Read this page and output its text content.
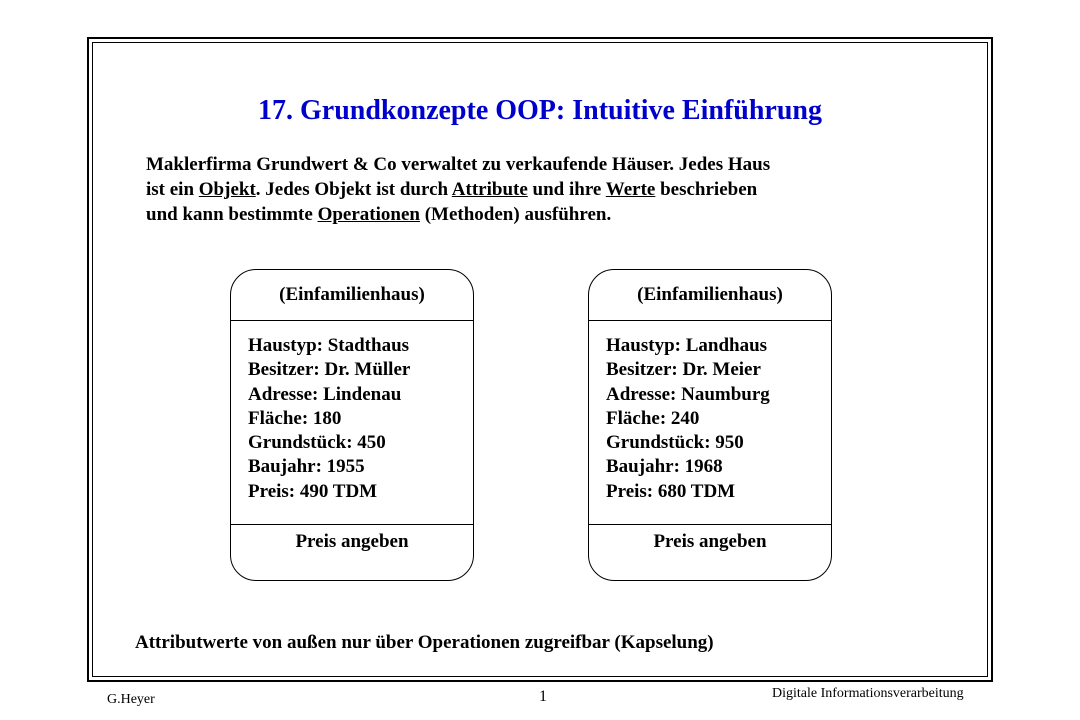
17. Grundkonzepte OOP: Intuitive Einführung
Maklerfirma Grundwert & Co verwaltet zu verkaufende Häuser. Jedes Haus
ist ein Objekt. Jedes Objekt ist durch Attribute und ihre Werte beschrieben
und kann bestimmte Operationen (Methoden) ausführen.
(Einfamilienhaus)
Haustyp: Stadthaus
Besitzer: Dr. Müller
Adresse: Lindenau
Fläche: 180
Grundstück: 450
Baujahr: 1955
Preis: 490 TDM
Preis angeben
(Einfamilienhaus)
Haustyp: Landhaus
Besitzer: Dr. Meier
Adresse: Naumburg
Fläche: 240
Grundstück: 950
Baujahr: 1968
Preis: 680 TDM
Preis angeben
Attributwerte von außen nur über Operationen zugreifbar (Kapselung)
G.Heyer	1	Digitale Informationsverarbeitung
